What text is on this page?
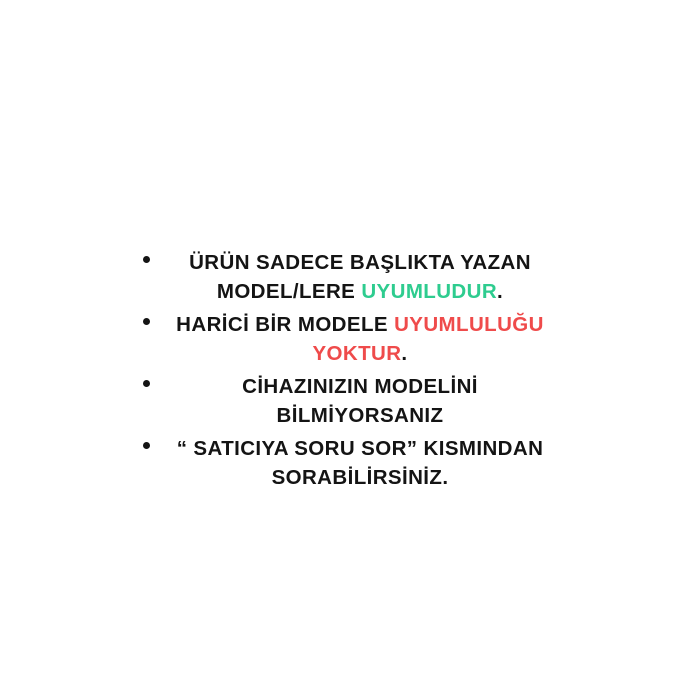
ÜRÜN SADECE BAŞLIKTA YAZAN
MODEL/LERE UYUMLUDUR.
HARİCİ BİR MODELE UYUMLULUĞU
YOKTUR.
CİHAZINIZIN MODELİNİ
BİLMİYORSANIZ
“ SATICIYA SORU SOR” KISMINDAN
SORABİLİRSİNİZ.
